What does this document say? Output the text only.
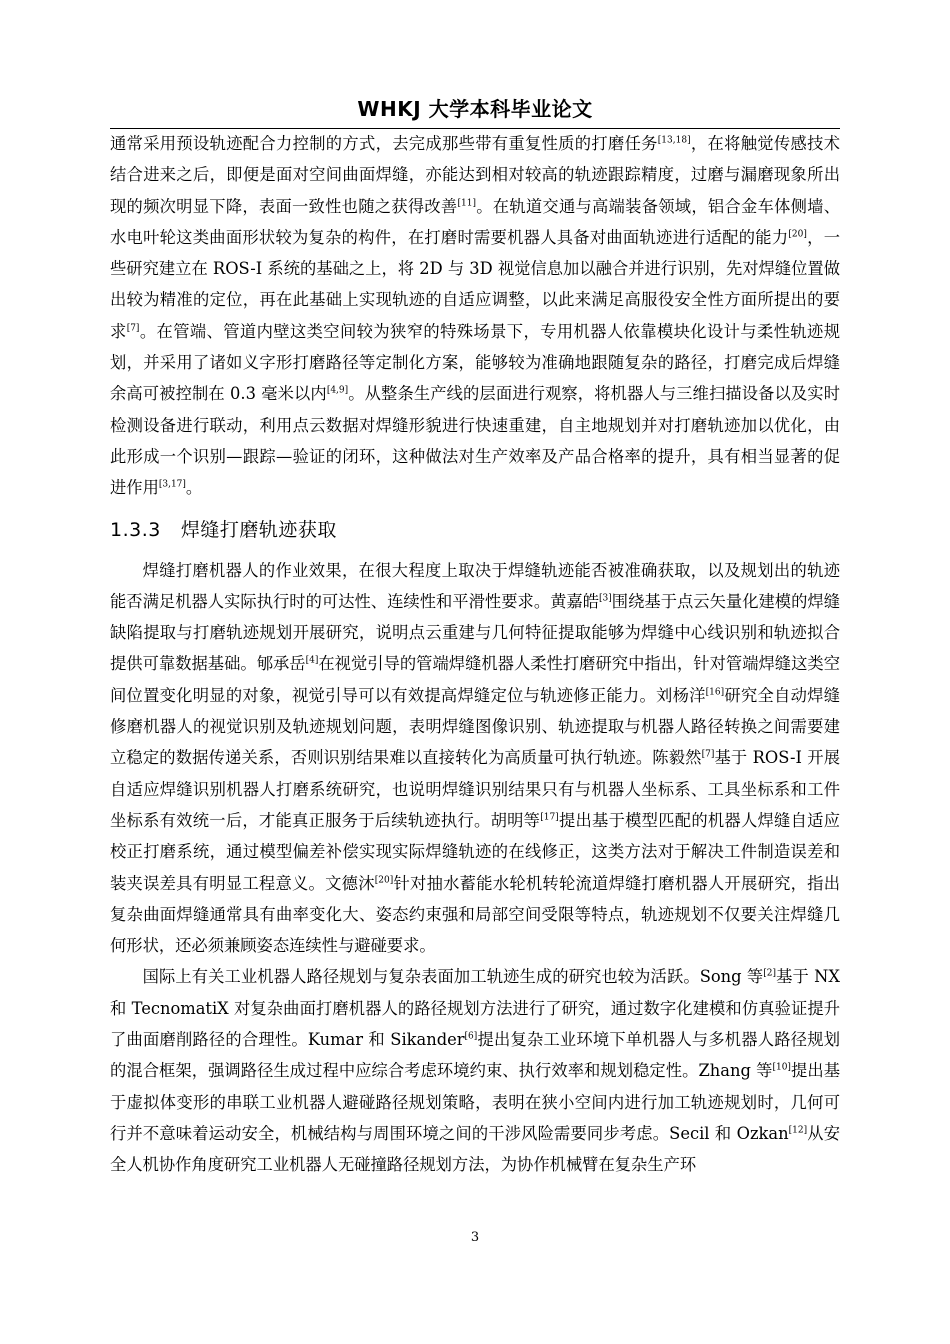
WHKJ 大学本科毕业论文

通常采用预设轨迹配合力控制的方式，去完成那些带有重复性质的打磨任务[13,18]，在将触觉传感技术结合进来之后，即便是面对空间曲面焊缝，亦能达到相对较高的轨迹跟踪精度，过磨与漏磨现象所出现的频次明显下降，表面一致性也随之获得改善[11]。在轨道交通与高端装备领域，铝合金车体侧墙、水电叶轮这类曲面形状较为复杂的构件，在打磨时需要机器人具备对曲面轨迹进行适配的能力[20]，一些研究建立在 ROS-I 系统的基础之上，将 2D 与 3D 视觉信息加以融合并进行识别，先对焊缝位置做出较为精准的定位，再在此基础上实现轨迹的自适应调整，以此来满足高服役安全性方面所提出的要求[7]。在管端、管道内壁这类空间较为狭窄的特殊场景下，专用机器人依靠模块化设计与柔性轨迹规划，并采用了诸如义字形打磨路径等定制化方案，能够较为准确地跟随复杂的路径，打磨完成后焊缝余高可被控制在 0.3 毫米以内[4,9]。从整条生产线的层面进行观察，将机器人与三维扫描设备以及实时检测设备进行联动，利用点云数据对焊缝形貌进行快速重建，自主地规划并对打磨轨迹加以优化，由此形成一个识别—跟踪—验证的闭环，这种做法对生产效率及产品合格率的提升，具有相当显著的促进作用[3,17]。

1.3.3 焊缝打磨轨迹获取

焊缝打磨机器人的作业效果，在很大程度上取决于焊缝轨迹能否被准确获取，以及规划出的轨迹能否满足机器人实际执行时的可达性、连续性和平滑性要求。黄嘉皓[3]围绕基于点云矢量化建模的焊缝缺陷提取与打磨轨迹规划开展研究，说明点云重建与几何特征提取能够为焊缝中心线识别和轨迹拟合提供可靠数据基础。郇承岳[4]在视觉引导的管端焊缝机器人柔性打磨研究中指出，针对管端焊缝这类空间位置变化明显的对象，视觉引导可以有效提高焊缝定位与轨迹修正能力。刘杨洋[16]研究全自动焊缝修磨机器人的视觉识别及轨迹规划问题，表明焊缝图像识别、轨迹提取与机器人路径转换之间需要建立稳定的数据传递关系，否则识别结果难以直接转化为高质量可执行轨迹。陈毅然[7]基于 ROS-I 开展自适应焊缝识别机器人打磨系统研究，也说明焊缝识别结果只有与机器人坐标系、工具坐标系和工件坐标系有效统一后，才能真正服务于后续轨迹执行。胡明等[17]提出基于模型匹配的机器人焊缝自适应校正打磨系统，通过模型偏差补偿实现实际焊缝轨迹的在线修正，这类方法对于解决工件制造误差和装夹误差具有明显工程意义。文德沐[20]针对抽水蓄能水轮机转轮流道焊缝打磨机器人开展研究，指出复杂曲面焊缝通常具有曲率变化大、姿态约束强和局部空间受限等特点，轨迹规划不仅要关注焊缝几何形状，还必须兼顾姿态连续性与避碰要求。

国际上有关工业机器人路径规划与复杂表面加工轨迹生成的研究也较为活跃。Song 等[2]基于 NX 和 TecnomatiX 对复杂曲面打磨机器人的路径规划方法进行了研究，通过数字化建模和仿真验证提升了曲面磨削路径的合理性。Kumar 和 Sikander[6]提出复杂工业环境下单机器人与多机器人路径规划的混合框架，强调路径生成过程中应综合考虑环境约束、执行效率和规划稳定性。Zhang 等[10]提出基于虚拟体变形的串联工业机器人避碰路径规划策略，表明在狭小空间内进行加工轨迹规划时，几何可行并不意味着运动安全，机械结构与周围环境之间的干涉风险需要同步考虑。Secil 和 Ozkan[12]从安全人机协作角度研究工业机器人无碰撞路径规划方法，为协作机械臂在复杂生产环

3
